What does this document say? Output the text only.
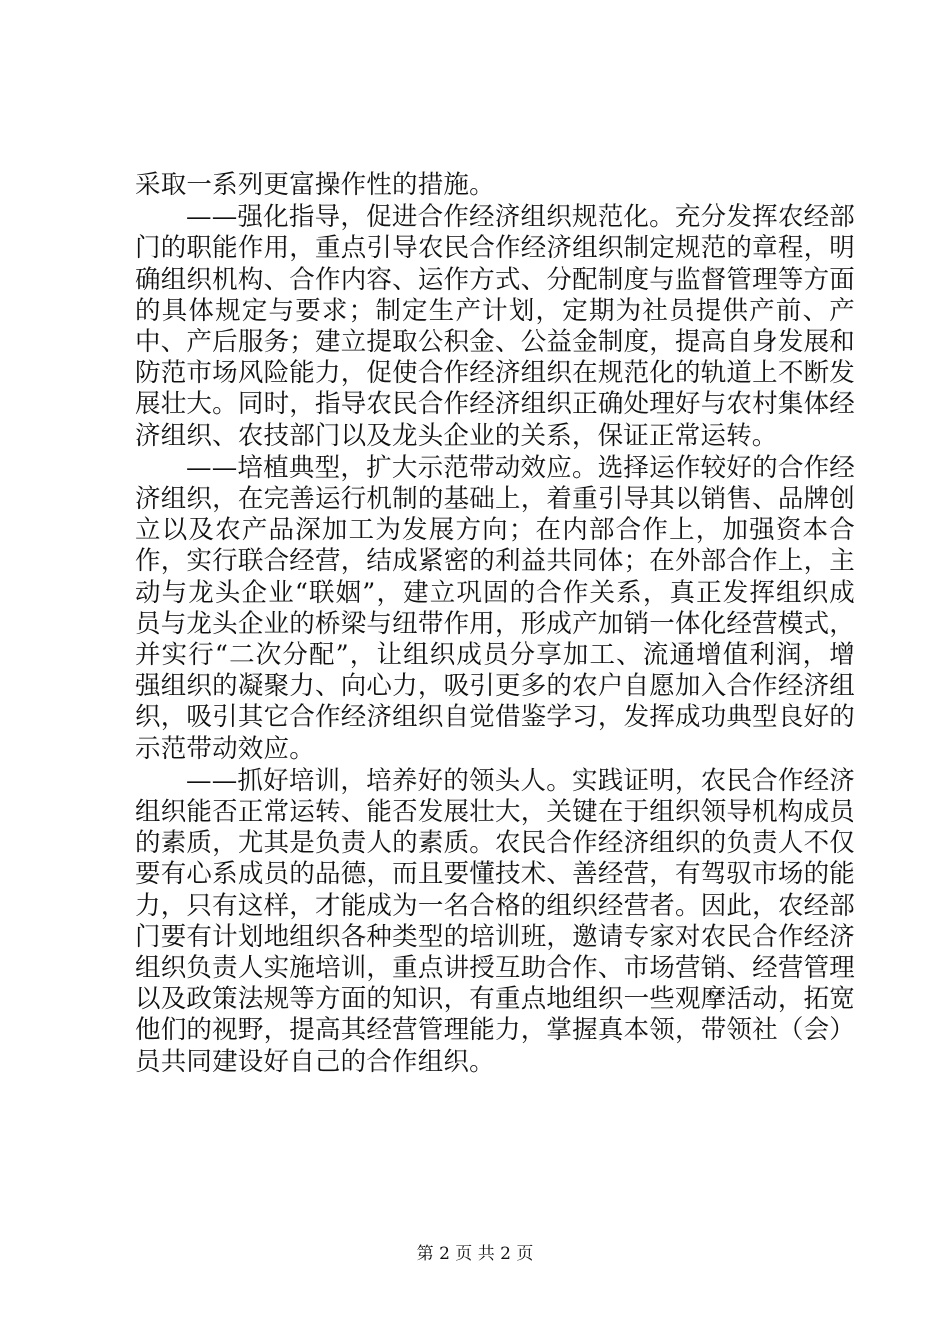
采取一系列更富操作性的措施。

——强化指导，促进合作经济组织规范化。充分发挥农经部门的职能作用，重点引导农民合作经济组织制定规范的章程，明确组织机构、合作内容、运作方式、分配制度与监督管理等方面的具体规定与要求；制定生产计划，定期为社员提供产前、产中、产后服务；建立提取公积金、公益金制度，提高自身发展和防范市场风险能力，促使合作经济组织在规范化的轨道上不断发展壮大。同时，指导农民合作经济组织正确处理好与农村集体经济组织、农技部门以及龙头企业的关系，保证正常运转。

——培植典型，扩大示范带动效应。选择运作较好的合作经济组织，在完善运行机制的基础上，着重引导其以销售、品牌创立以及农产品深加工为发展方向；在内部合作上，加强资本合作，实行联合经营，结成紧密的利益共同体；在外部合作上，主动与龙头企业“联姻”，建立巩固的合作关系，真正发挥组织成员与龙头企业的桥梁与纽带作用，形成产加销一体化经营模式，并实行“二次分配”，让组织成员分享加工、流通增值利润，增强组织的凝聚力、向心力，吸引更多的农户自愿加入合作经济组织，吸引其它合作经济组织自觉借鉴学习，发挥成功典型良好的示范带动效应。

——抓好培训，培养好的领头人。实践证明，农民合作经济组织能否正常运转、能否发展壮大，关键在于组织领导机构成员的素质，尤其是负责人的素质。农民合作经济组织的负责人不仅要有心系成员的品德，而且要懂技术、善经营，有驾驭市场的能力，只有这样，才能成为一名合格的组织经营者。因此，农经部门要有计划地组织各种类型的培训班，邀请专家对农民合作经济组织负责人实施培训，重点讲授互助合作、市场营销、经营管理以及政策法规等方面的知识，有重点地组织一些观摩活动，拓宽他们的视野，提高其经营管理能力，掌握真本领，带领社（会）员共同建设好自己的合作组织。

第 2 页 共 2 页
